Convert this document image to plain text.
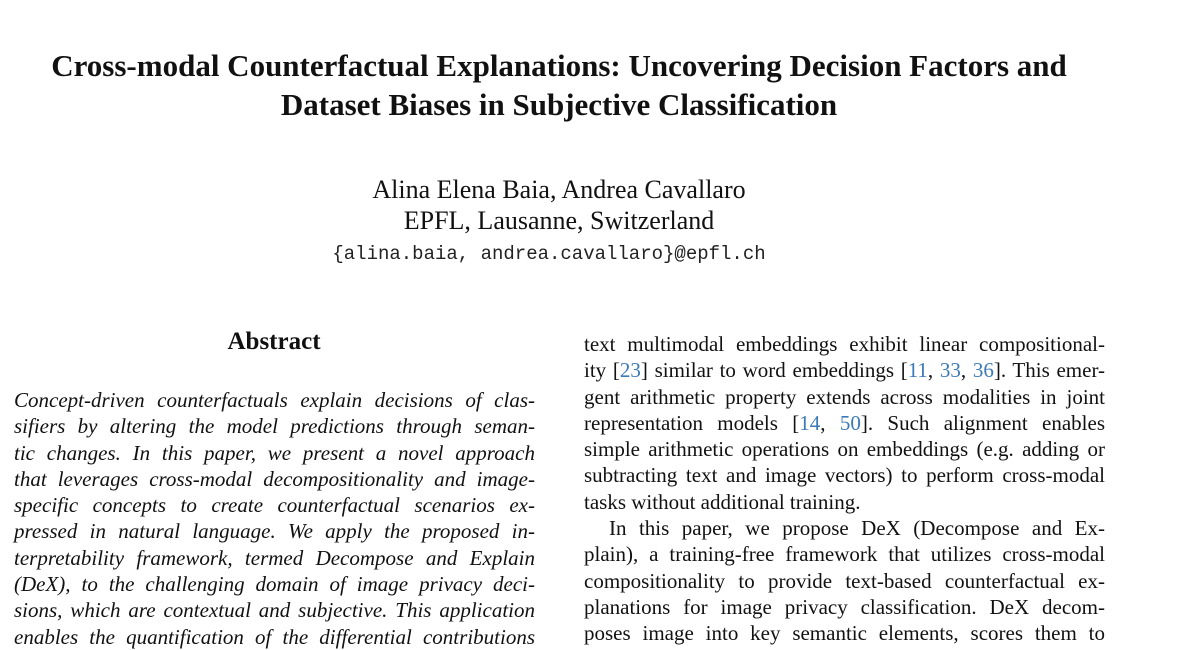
Cross-modal Counterfactual Explanations: Uncovering Decision Factors and
Dataset Biases in Subjective Classification
Alina Elena Baia, Andrea Cavallaro
EPFL, Lausanne, Switzerland
{alina.baia, andrea.cavallaro}@epfl.ch
Abstract
Concept-driven counterfactuals explain decisions of clas-
sifiers by altering the model predictions through seman-
tic changes. In this paper, we present a novel approach
that leverages cross-modal decompositionality and image-
specific concepts to create counterfactual scenarios ex-
pressed in natural language. We apply the proposed in-
terpretability framework, termed Decompose and Explain
(DeX), to the challenging domain of image privacy deci-
sions, which are contextual and subjective. This application
enables the quantification of the differential contributions
text multimodal embeddings exhibit linear compositional-
ity [23] similar to word embeddings [11, 33, 36]. This emer-
gent arithmetic property extends across modalities in joint
representation models [14, 50]. Such alignment enables
simple arithmetic operations on embeddings (e.g. adding or
subtracting text and image vectors) to perform cross-modal
tasks without additional training.
In this paper, we propose DeX (Decompose and Ex-
plain), a training-free framework that utilizes cross-modal
compositionality to provide text-based counterfactual ex-
planations for image privacy classification. DeX decom-
poses image into key semantic elements, scores them to
